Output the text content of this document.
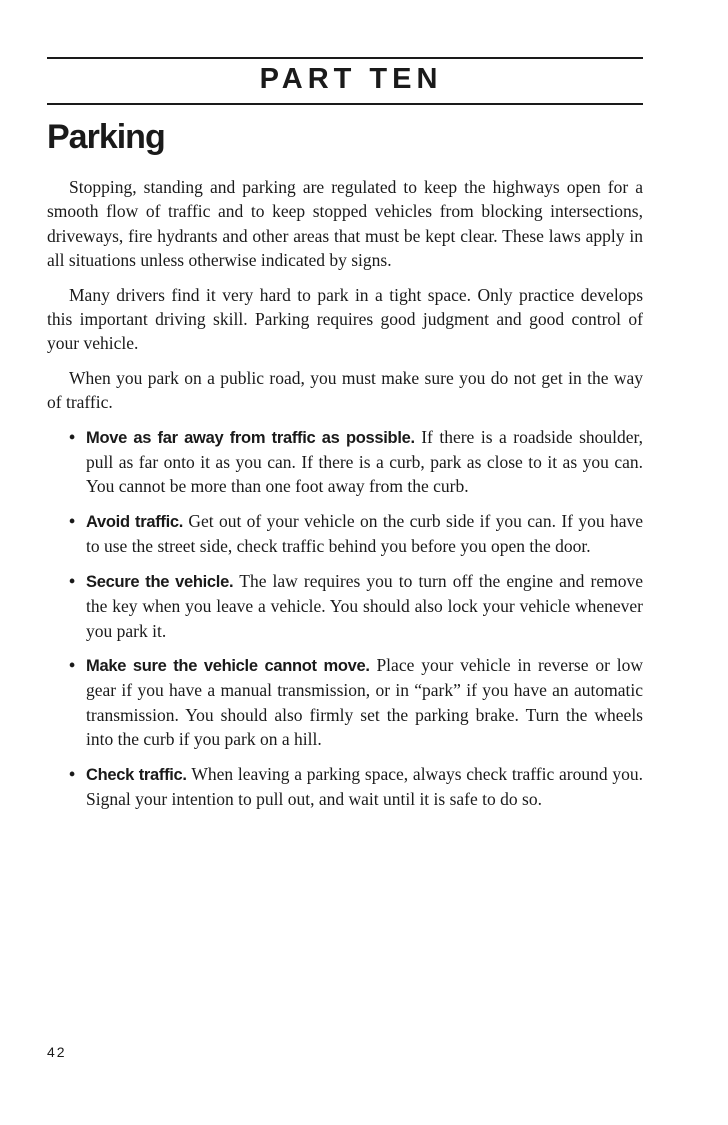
PART TEN
Parking

Stopping, standing and parking are regulated to keep the highways open for a smooth flow of traffic and to keep stopped vehicles from blocking intersections, driveways, fire hydrants and other areas that must be kept clear. These laws apply in all situations unless otherwise indicated by signs.

Many drivers find it very hard to park in a tight space. Only practice develops this important driving skill. Parking requires good judgment and good control of your vehicle.

When you park on a public road, you must make sure you do not get in the way of traffic.

• Move as far away from traffic as possible. If there is a roadside shoulder, pull as far onto it as you can. If there is a curb, park as close to it as you can. You cannot be more than one foot away from the curb.
• Avoid traffic. Get out of your vehicle on the curb side if you can. If you have to use the street side, check traffic behind you before you open the door.
• Secure the vehicle. The law requires you to turn off the engine and remove the key when you leave a vehicle. You should also lock your vehicle whenever you park it.
• Make sure the vehicle cannot move. Place your vehicle in reverse or low gear if you have a manual transmission, or in “park” if you have an automatic transmission. You should also firmly set the parking brake. Turn the wheels into the curb if you park on a hill.
• Check traffic. When leaving a parking space, always check traffic around you. Signal your intention to pull out, and wait until it is safe to do so.
42
